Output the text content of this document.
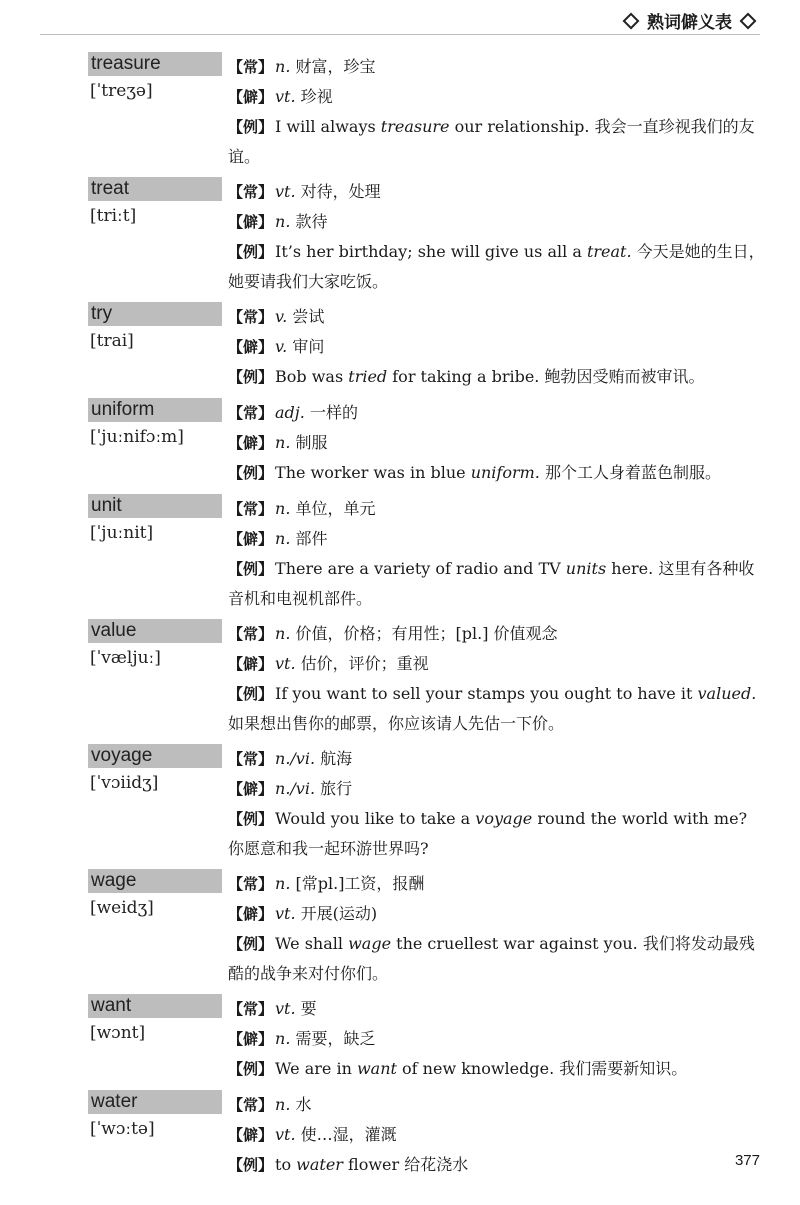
熟词僻义表
treasure
[ˈtreʒə]
【常】 n. 财富，珍宝
【僻】 vt. 珍视
【例】 I will always treasure our relationship. 我会一直珍视我们的友谊。
treat
[triːt]
【常】 vt. 对待，处理
【僻】 n. 款待
【例】 It’s her birthday; she will give us all a treat. 今天是她的生日，她要请我们大家吃饭。
try
[trai]
【常】 v. 尝试
【僻】 v. 审问
【例】 Bob was tried for taking a bribe. 鲍勃因受贿而被审讯。
uniform
[ˈjuːnifɔːm]
【常】 adj. 一样的
【僻】 n. 制服
【例】 The worker was in blue uniform. 那个工人身着蓝色制服。
unit
[ˈjuːnit]
【常】 n. 单位，单元
【僻】 n. 部件
【例】 There are a variety of radio and TV units here. 这里有各种收音机和电视机部件。
value
[ˈvæljuː]
【常】 n. 价值，价格；有用性；[pl.] 价值观念
【僻】 vt. 估价，评价；重视
【例】 If you want to sell your stamps you ought to have it valued. 如果想出售你的邮票，你应该请人先估一下价。
voyage
[ˈvɔiidʒ]
【常】 n./vi. 航海
【僻】 n./vi. 旅行
【例】 Would you like to take a voyage round the world with me? 你愿意和我一起环游世界吗?
wage
[weidʒ]
【常】 n. [常pl.]工资，报酬
【僻】 vt. 开展(运动)
【例】 We shall wage the cruellest war against you. 我们将发动最残酷的战争来对付你们。
want
[wɔnt]
【常】 vt. 要
【僻】 n. 需要，缺乏
【例】 We are in want of new knowledge. 我们需要新知识。
water
[ˈwɔːtə]
【常】 n. 水
【僻】 vt. 使…湿，灌溉
【例】 to water flower 给花浇水	377
